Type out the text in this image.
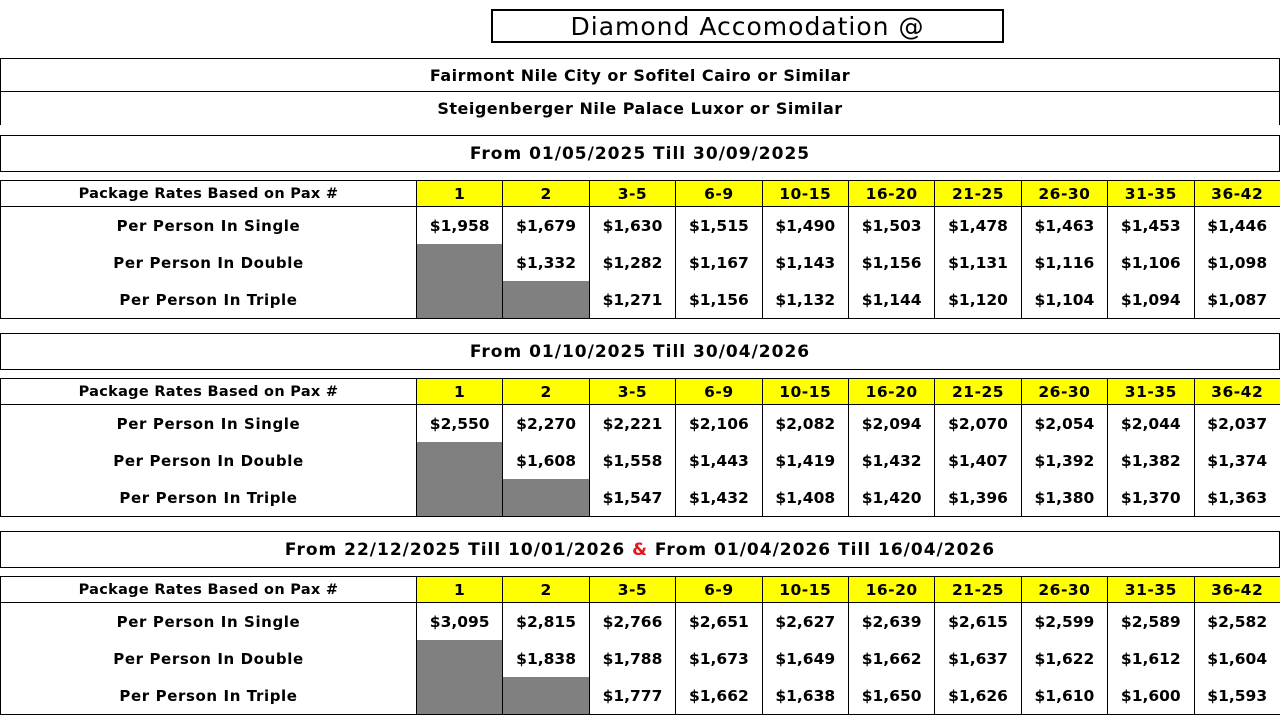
Diamond Accomodation @
Fairmont Nile City or Sofitel Cairo or Similar
Steigenberger Nile Palace Luxor or Similar
From 01/05/2025 Till 30/09/2025
Package Rates Based on Pax #	1	2	3-5	6-9	10-15	16-20	21-25	26-30	31-35	36-42
Per Person In Single	$1,958	$1,679	$1,630	$1,515	$1,490	$1,503	$1,478	$1,463	$1,453	$1,446
Per Person In Double		$1,332	$1,282	$1,167	$1,143	$1,156	$1,131	$1,116	$1,106	$1,098
Per Person In Triple			$1,271	$1,156	$1,132	$1,144	$1,120	$1,104	$1,094	$1,087
From 01/10/2025 Till 30/04/2026
Package Rates Based on Pax #	1	2	3-5	6-9	10-15	16-20	21-25	26-30	31-35	36-42
Per Person In Single	$2,550	$2,270	$2,221	$2,106	$2,082	$2,094	$2,070	$2,054	$2,044	$2,037
Per Person In Double		$1,608	$1,558	$1,443	$1,419	$1,432	$1,407	$1,392	$1,382	$1,374
Per Person In Triple			$1,547	$1,432	$1,408	$1,420	$1,396	$1,380	$1,370	$1,363
From 22/12/2025 Till 10/01/2026
&
From 01/04/2026 Till 16/04/2026
Package Rates Based on Pax #	1	2	3-5	6-9	10-15	16-20	21-25	26-30	31-35	36-42
Per Person In Single	$3,095	$2,815	$2,766	$2,651	$2,627	$2,639	$2,615	$2,599	$2,589	$2,582
Per Person In Double		$1,838	$1,788	$1,673	$1,649	$1,662	$1,637	$1,622	$1,612	$1,604
Per Person In Triple			$1,777	$1,662	$1,638	$1,650	$1,626	$1,610	$1,600	$1,593
